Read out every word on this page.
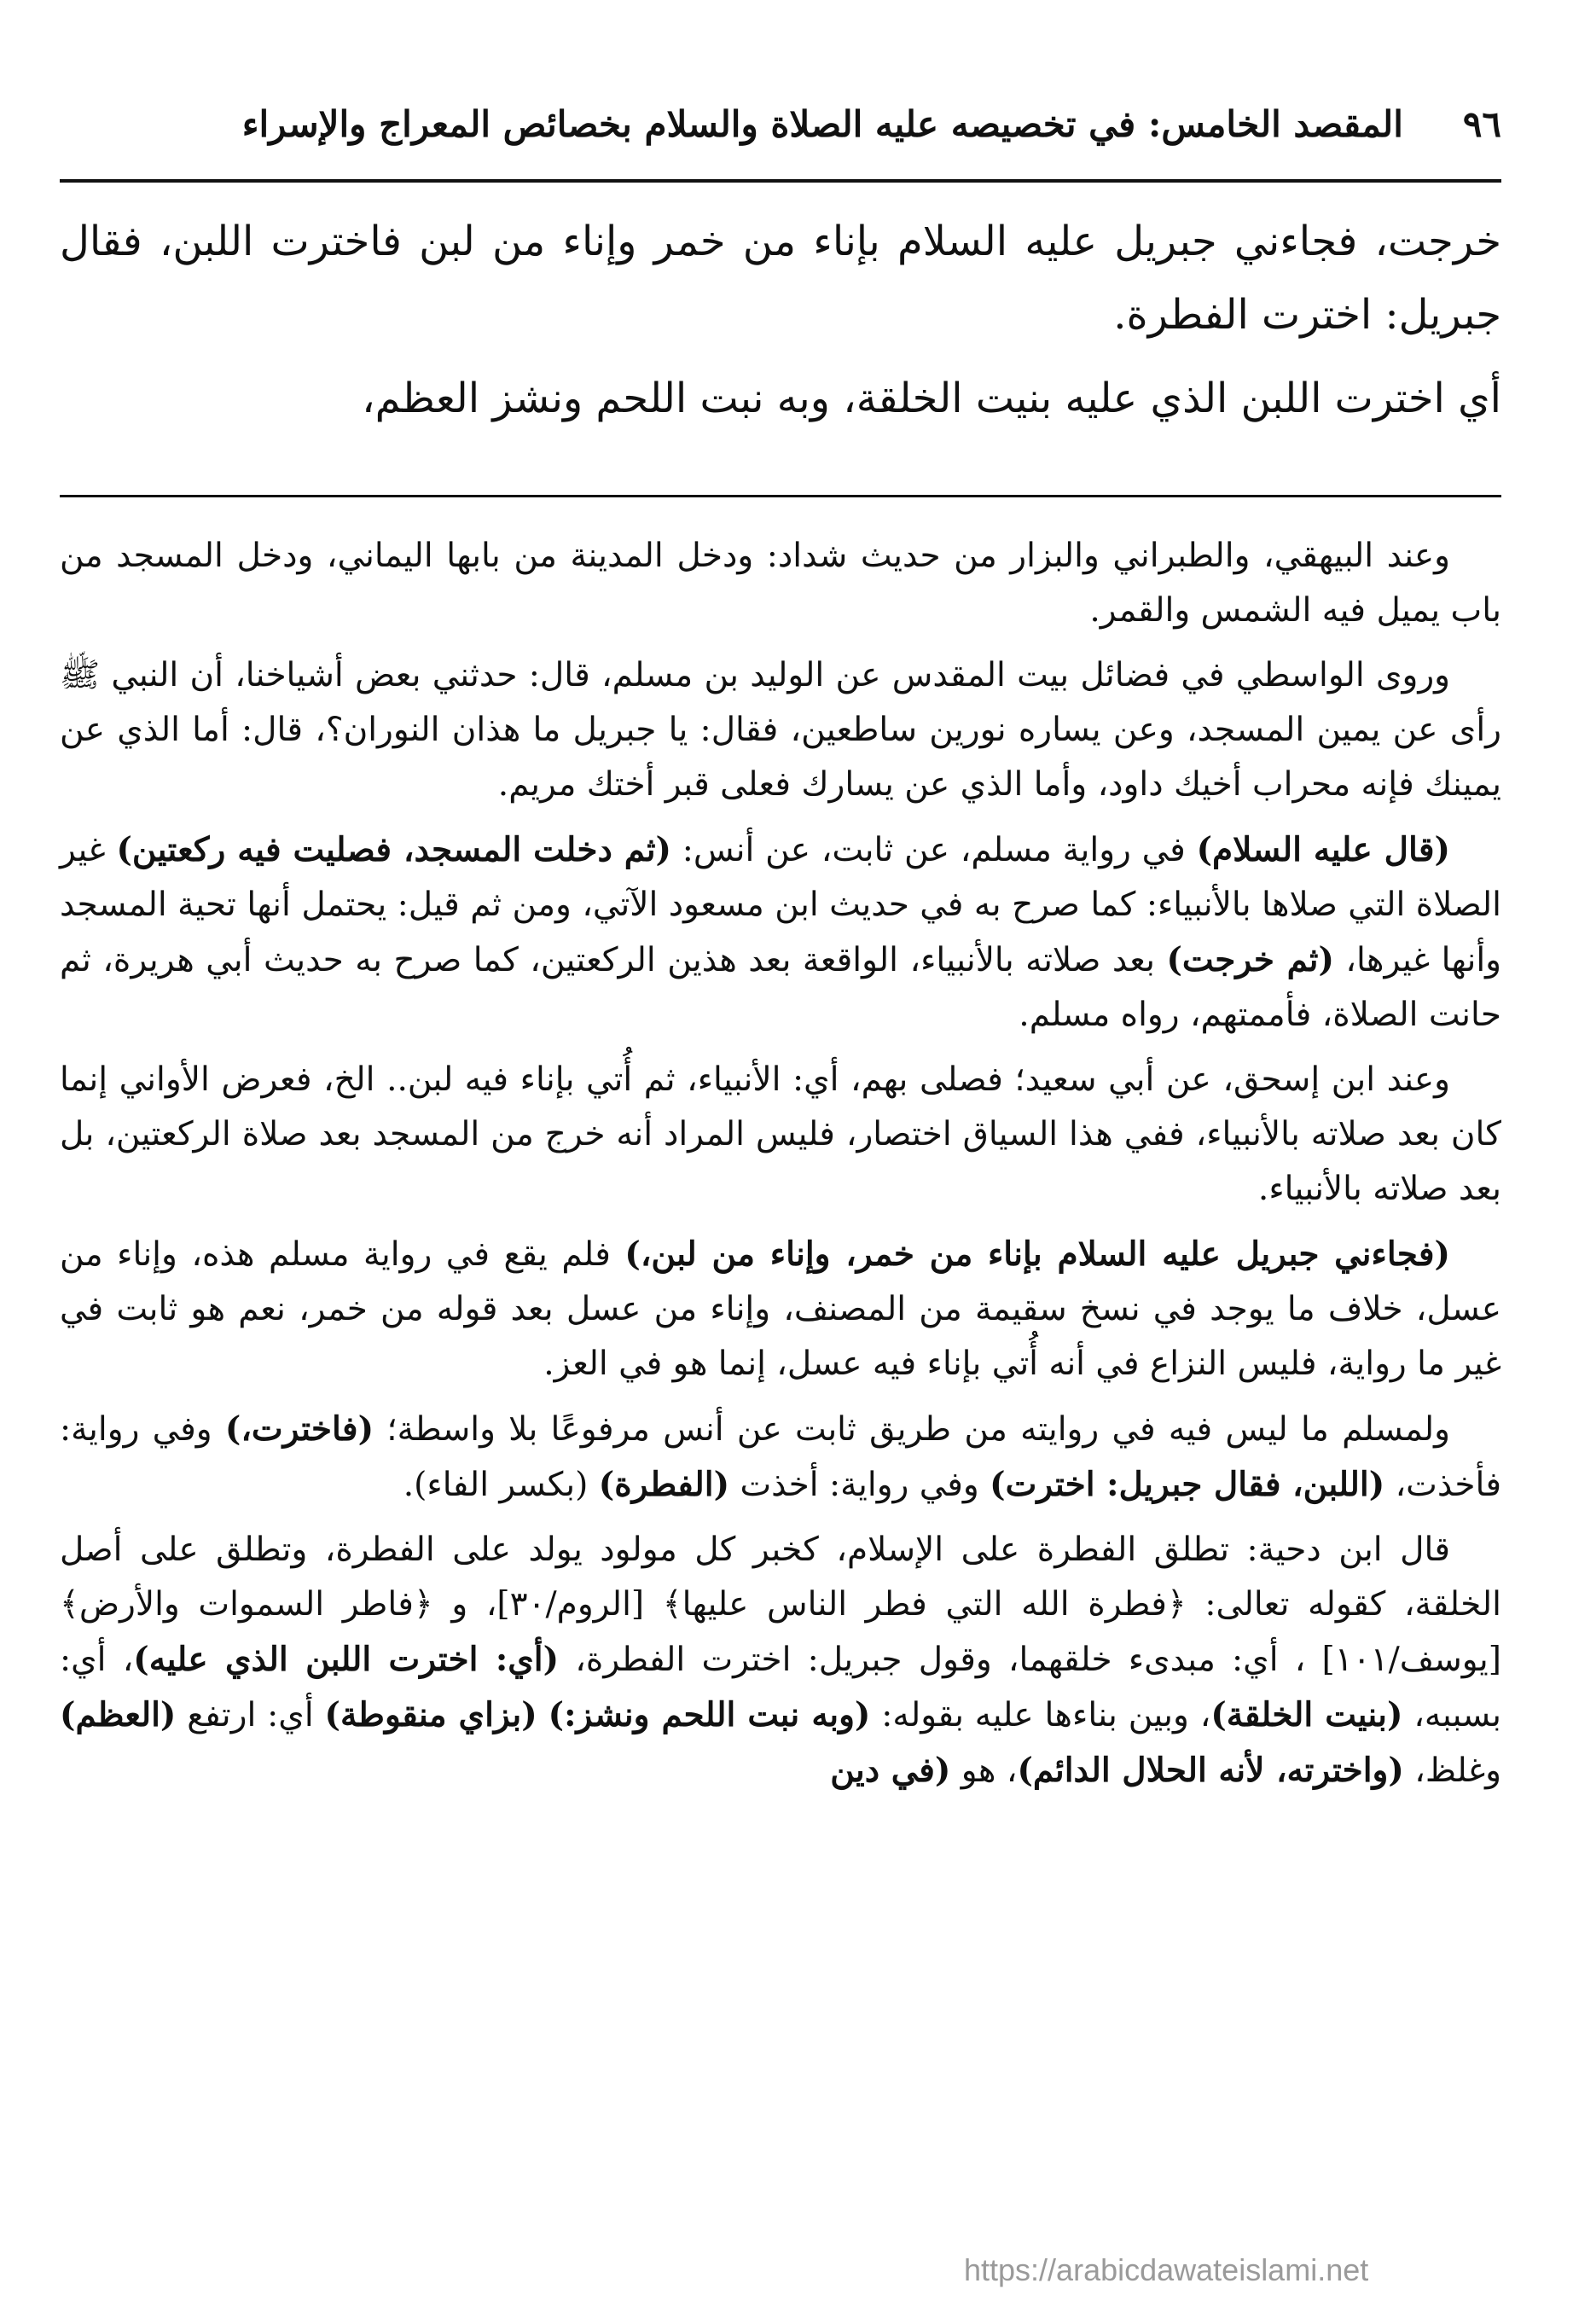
٩٦
المقصد الخامس: في تخصيصه عليه الصلاة والسلام بخصائص المعراج والإسراء

خرجت، فجاءني جبريل عليه السلام بإناء من خمر وإناء من لبن فاخترت اللبن، فقال جبريل: اخترت الفطرة.

أي اخترت اللبن الذي عليه بنيت الخلقة، وبه نبت اللحم ونشز العظم،

وعند البيهقي، والطبراني والبزار من حديث شداد: ودخل المدينة من بابها اليماني، ودخل المسجد من باب يميل فيه الشمس والقمر.

وروى الواسطي في فضائل بيت المقدس عن الوليد بن مسلم، قال: حدثني بعض أشياخنا، أن النبي ﷺ رأى عن يمين المسجد، وعن يساره نورين ساطعين، فقال: يا جبريل ما هذان النوران؟، قال: أما الذي عن يمينك فإنه محراب أخيك داود، وأما الذي عن يسارك فعلى قبر أختك مريم.

(قال عليه السلام) في رواية مسلم، عن ثابت، عن أنس: (ثم دخلت المسجد، فصليت فيه ركعتين) غير الصلاة التي صلاها بالأنبياء: كما صرح به في حديث ابن مسعود الآتي، ومن ثم قيل: يحتمل أنها تحية المسجد وأنها غيرها، (ثم خرجت) بعد صلاته بالأنبياء، الواقعة بعد هذين الركعتين، كما صرح به حديث أبي هريرة، ثم حانت الصلاة، فأممتهم، رواه مسلم.

وعند ابن إسحق، عن أبي سعيد؛ فصلى بهم، أي: الأنبياء، ثم أُتي بإناء فيه لبن.. الخ، فعرض الأواني إنما كان بعد صلاته بالأنبياء، ففي هذا السياق اختصار، فليس المراد أنه خرج من المسجد بعد صلاة الركعتين، بل بعد صلاته بالأنبياء.

(فجاءني جبريل عليه السلام بإناء من خمر، وإناء من لبن،) فلم يقع في رواية مسلم هذه، وإناء من عسل، خلاف ما يوجد في نسخ سقيمة من المصنف، وإناء من عسل بعد قوله من خمر، نعم هو ثابت في غير ما رواية، فليس النزاع في أنه أُتي بإناء فيه عسل، إنما هو في العز.

ولمسلم ما ليس فيه في روايته من طريق ثابت عن أنس مرفوعًا بلا واسطة؛ (فاخترت،) وفي رواية: فأخذت، (اللبن، فقال جبريل: اخترت) وفي رواية: أخذت (الفطرة) (بكسر الفاء).

قال ابن دحية: تطلق الفطرة على الإسلام، كخبر كل مولود يولد على الفطرة، وتطلق على أصل الخلقة، كقوله تعالى: ﴿فطرة الله التي فطر الناس عليها﴾ [الروم/٣٠]، و ﴿فاطر السموات والأرض﴾ [يوسف/١٠١] ، أي: مبدىء خلقهما، وقول جبريل: اخترت الفطرة، (أي: اخترت اللبن الذي عليه)، أي: بسببه، (بنيت الخلقة)، وبين بناءها عليه بقوله: (وبه نبت اللحم ونشز:) (بزاي منقوطة) أي: ارتفع (العظم) وغلظ، (واخترته، لأنه الحلال الدائم)، هو (في دين

https://arabicdawateislami.net
